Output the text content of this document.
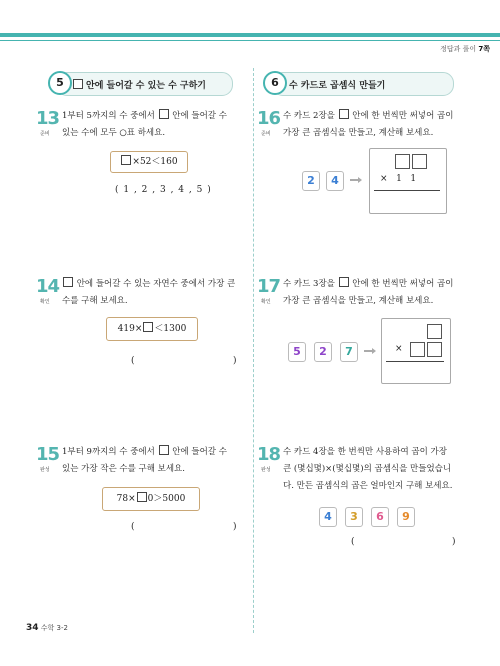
정답과 풀이 7쪽
안에 들어갈 수 있는 수 구하기
5	수 카드로 곱셈식 만들기
6
13
준비
1부터 5까지의 수 중에서  안에 들어갈 수
있는 수에 모두 ○표 하세요.
×52＜160
( 1 , 2 , 3 , 4 , 5 )
14
확인
안에 들어갈 수 있는 자연수 중에서 가장 큰
수를 구해 보세요.
419× ＜1300
(	)
15
완성
1부터 9까지의 수 중에서  안에 들어갈 수
있는 가장 작은 수를 구해 보세요.
78× 0＞5000
(	)
16
준비
수 카드 2장을  안에 한 번씩만 써넣어 곱이
가장 큰 곱셈식을 만들고, 계산해 보세요.
2	4	×   1   1
17
확인
수 카드 3장을  안에 한 번씩만 써넣어 곱이
가장 큰 곱셈식을 만들고, 계산해 보세요.
5	2	7	×
18
완성
수 카드 4장을 한 번씩만 사용하여 곱이 가장
큰 (몇십몇)×(몇십몇)의 곱셈식을 만들었습니
다. 만든 곱셈식의 곱은 얼마인지 구해 보세요.
4	3	6	9
(	)
34 수학 3-2
